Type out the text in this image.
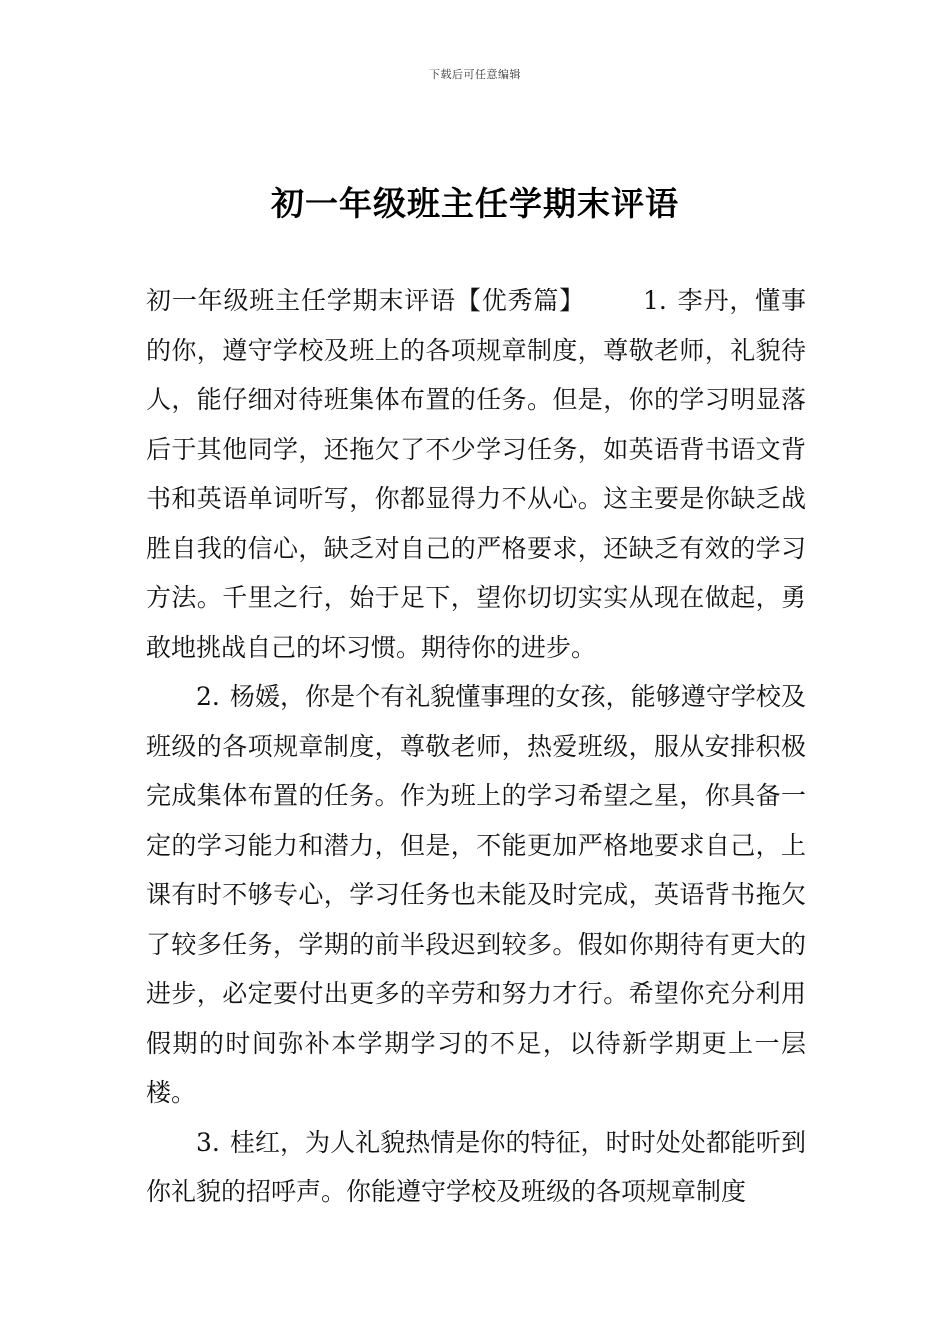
下载后可任意编辑
初一年级班主任学期末评语

初一年级班主任学期末评语【优秀篇】 1. 李丹，懂事的你，遵守学校及班上的各项规章制度，尊敬老师，礼貌待人，能仔细对待班集体布置的任务。但是，你的学习明显落后于其他同学，还拖欠了不少学习任务，如英语背书语文背书和英语单词听写，你都显得力不从心。这主要是你缺乏战胜自我的信心，缺乏对自己的严格要求，还缺乏有效的学习方法。千里之行，始于足下，望你切切实实从现在做起，勇敢地挑战自己的坏习惯。期待你的进步。

2. 杨媛，你是个有礼貌懂事理的女孩，能够遵守学校及班级的各项规章制度，尊敬老师，热爱班级，服从安排积极完成集体布置的任务。作为班上的学习希望之星，你具备一定的学习能力和潜力，但是，不能更加严格地要求自己，上课有时不够专心，学习任务也未能及时完成，英语背书拖欠了较多任务，学期的前半段迟到较多。假如你期待有更大的进步，必定要付出更多的辛劳和努力才行。希望你充分利用假期的时间弥补本学期学习的不足，以待新学期更上一层楼。

3. 桂红，为人礼貌热情是你的特征，时时处处都能听到你礼貌的招呼声。你能遵守学校及班级的各项规章制度
